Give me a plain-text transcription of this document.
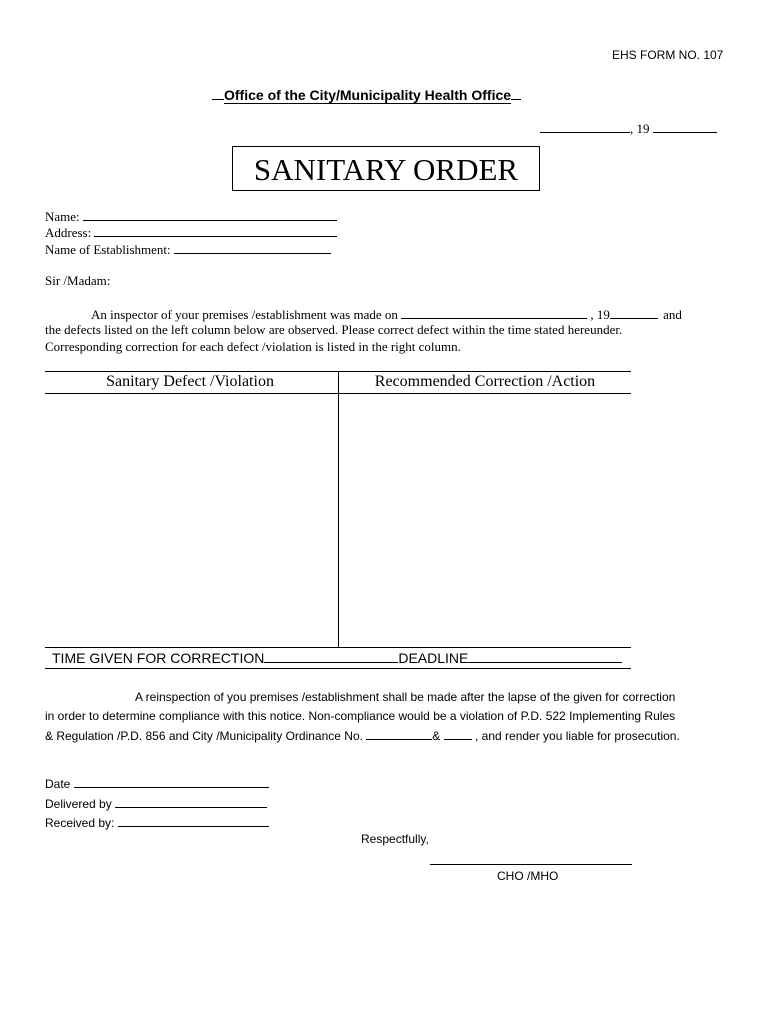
EHS FORM NO. 107
Office of the City/Municipality Health Office
, 19
SANITARY ORDER
Name:
Address:
Name of Establishment:
Sir /Madam:
An inspector of your premises /establishment was made on	, 19	and
the defects listed on the left column below are observed. Please correct defect within the time stated hereunder.
Corresponding correction for each defect /violation is listed in the right column.
Sanitary Defect /Violation	Recommended Correction /Action
TIME GIVEN FOR CORRECTION	DEADLINE
A reinspection of you premises /establishment shall be made after the lapse of the given for correction
in order to determine compliance with this notice. Non-compliance would be a violation of P.D. 522 Implementing Rules
& Regulation /P.D. 856 and City /Municipality Ordinance No.	&	, and render you liable for prosecution.
Date
Delivered by
Received by:
Respectfully,
CHO /MHO
